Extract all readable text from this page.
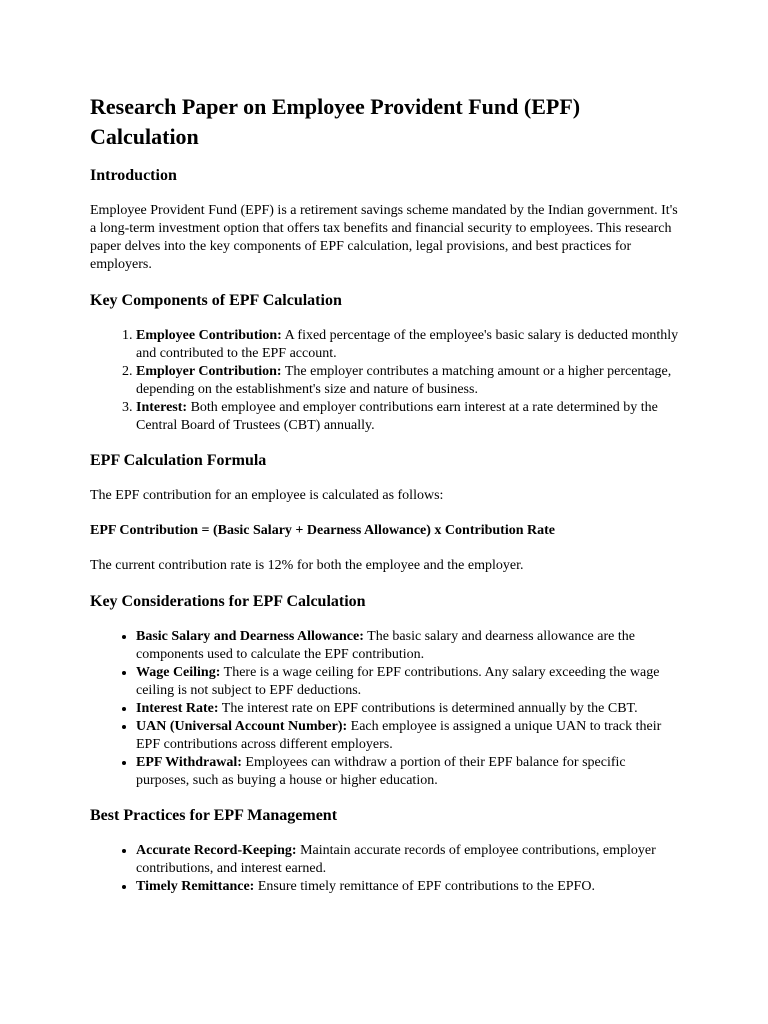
Research Paper on Employee Provident Fund (EPF) Calculation
Introduction

Employee Provident Fund (EPF) is a retirement savings scheme mandated by the Indian government. It's a long-term investment option that offers tax benefits and financial security to employees. This research paper delves into the key components of EPF calculation, legal provisions, and best practices for employers.

Key Components of EPF Calculation
1. Employee Contribution: A fixed percentage of the employee's basic salary is deducted monthly and contributed to the EPF account.
2. Employer Contribution: The employer contributes a matching amount or a higher percentage, depending on the establishment's size and nature of business.
3. Interest: Both employee and employer contributions earn interest at a rate determined by the Central Board of Trustees (CBT) annually.
EPF Calculation Formula

The EPF contribution for an employee is calculated as follows:

EPF Contribution = (Basic Salary + Dearness Allowance) x Contribution Rate

The current contribution rate is 12% for both the employee and the employer.

Key Considerations for EPF Calculation
• Basic Salary and Dearness Allowance: The basic salary and dearness allowance are the components used to calculate the EPF contribution.
• Wage Ceiling: There is a wage ceiling for EPF contributions. Any salary exceeding the wage ceiling is not subject to EPF deductions.
• Interest Rate: The interest rate on EPF contributions is determined annually by the CBT.
• UAN (Universal Account Number): Each employee is assigned a unique UAN to track their EPF contributions across different employers.
• EPF Withdrawal: Employees can withdraw a portion of their EPF balance for specific purposes, such as buying a house or higher education.
Best Practices for EPF Management
• Accurate Record-Keeping: Maintain accurate records of employee contributions, employer contributions, and interest earned.
• Timely Remittance: Ensure timely remittance of EPF contributions to the EPFO.
